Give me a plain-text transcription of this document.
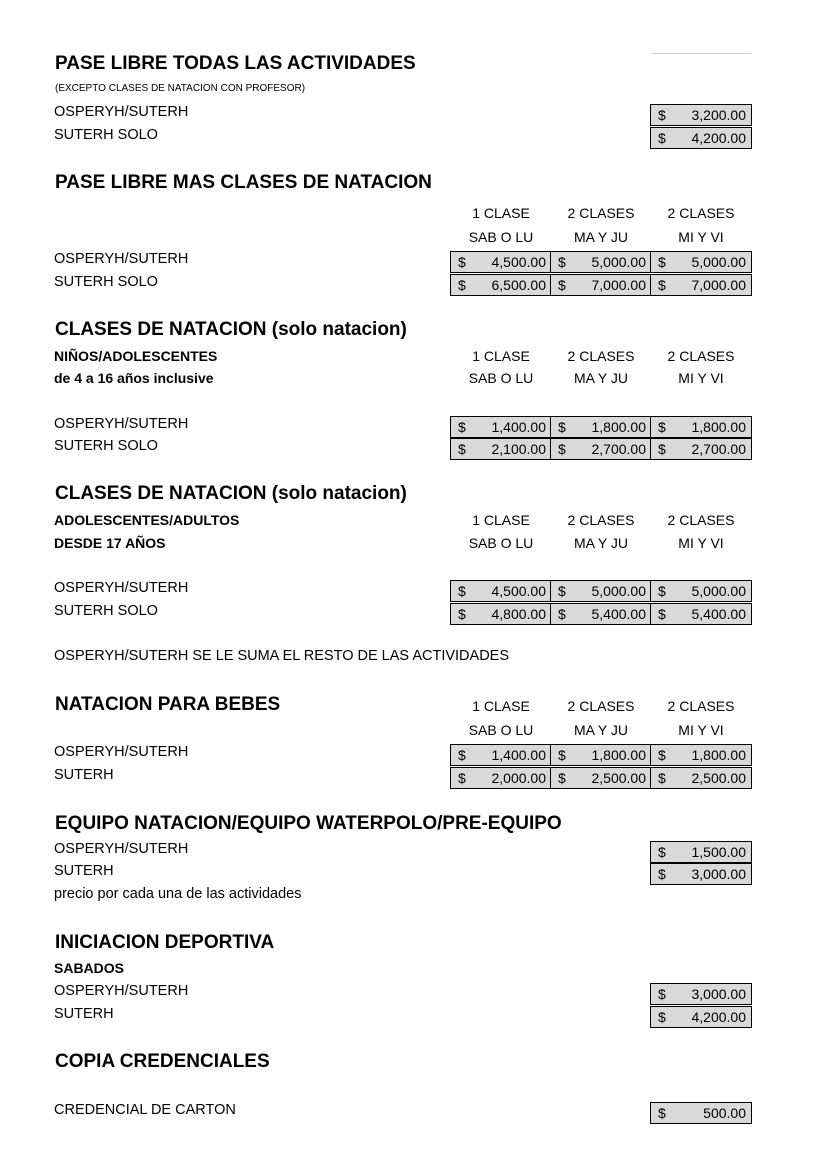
PASE LIBRE TODAS LAS ACTIVIDADES
(EXCEPTO CLASES DE NATACION CON PROFESOR)
OSPERYH/SUTERH	$ 3,200.00
SUTERH SOLO	$ 4,200.00
PASE LIBRE MAS CLASES DE NATACION
1 CLASE	2 CLASES	2 CLASES
SAB O LU	MA Y JU	MI Y VI
OSPERYH/SUTERH	$ 4,500.00 $ 5,000.00 $ 5,000.00
SUTERH SOLO	$ 6,500.00 $ 7,000.00 $ 7,000.00
CLASES DE NATACION (solo natacion)
NIÑOS/ADOLESCENTES
de 4 a 16 años inclusive
1 CLASE	2 CLASES	2 CLASES
SAB O LU	MA Y JU	MI Y VI
OSPERYH/SUTERH	$ 1,400.00 $ 1,800.00 $ 1,800.00
SUTERH SOLO	$ 2,100.00 $ 2,700.00 $ 2,700.00
CLASES DE NATACION (solo natacion)
ADOLESCENTES/ADULTOS
DESDE 17 AÑOS
1 CLASE	2 CLASES	2 CLASES
SAB O LU	MA Y JU	MI Y VI
OSPERYH/SUTERH	$ 4,500.00 $ 5,000.00 $ 5,000.00
SUTERH SOLO	$ 4,800.00 $ 5,400.00 $ 5,400.00
OSPERYH/SUTERH SE LE SUMA EL RESTO DE LAS ACTIVIDADES
NATACION PARA BEBES	1 CLASE	2 CLASES	2 CLASES
SAB O LU	MA Y JU	MI Y VI
OSPERYH/SUTERH	$ 1,400.00 $ 1,800.00 $ 1,800.00
SUTERH	$ 2,000.00 $ 2,500.00 $ 2,500.00
EQUIPO NATACION/EQUIPO WATERPOLO/PRE-EQUIPO
OSPERYH/SUTERH	$ 1,500.00
SUTERH	$ 3,000.00
precio por cada una de las actividades
INICIACION DEPORTIVA
SABADOS
OSPERYH/SUTERH	$ 3,000.00
SUTERH	$ 4,200.00
COPIA CREDENCIALES
CREDENCIAL DE CARTON	$	500.00
